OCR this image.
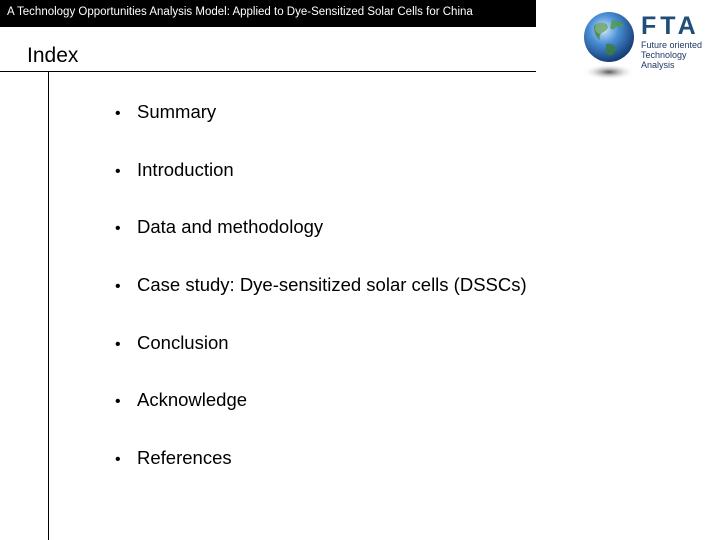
A Technology Opportunities Analysis Model: Applied to Dye-Sensitized Solar Cells for China
Index
• Summary
• Introduction
• Data and methodology
• Case study: Dye-sensitized solar cells (DSSCs)
• Conclusion
• Acknowledge
• References
FTA
Future oriented
Technology
Analysis
